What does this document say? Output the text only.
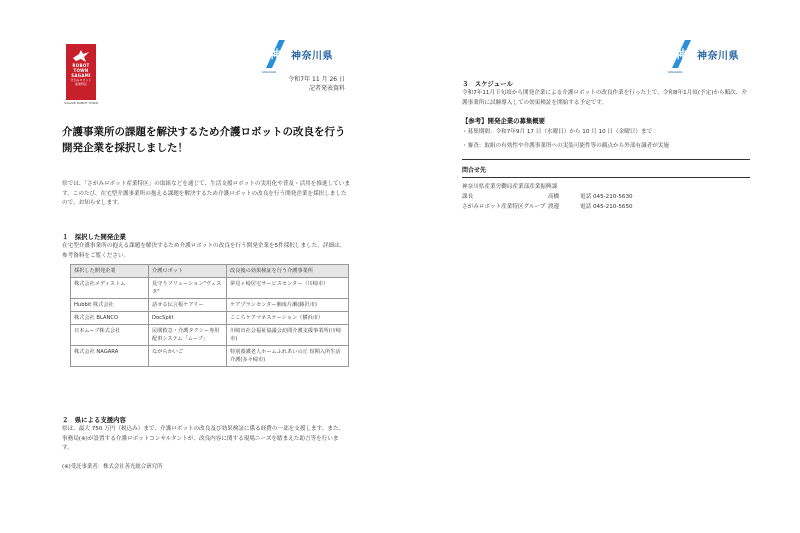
ROBOT
TOWN
SAGAMI
さがみロボット
産業特区
SAGAMI ROBOT TOWN
神 神奈川県
KANAGAWA
令和7年 11 月 26 日
記者発表資料
介護事業所の課題を解決するため介護ロボットの改良を行う開発企業を採択しました！
県では、「さがみロボット産業特区」の取組などを通じて、生活支援ロボットの実用化や普及・活用を推進しています。このたび、在宅型介護事業所の抱える課題を解決するため介護ロボットの改良を行う開発企業を採択しましたので、お知らせします。
１　採択した開発企業
在宅型介護事業所の抱える課題を解決するため介護ロボットの改良を行う開発企業を5件採択しました。詳細は、参考資料をご覧ください。
採択した開発企業	介護ロボット	改良後の効果検証を行う介護事業所
株式会社メディストム	見守りソリューション"ヴェスタ"	夢見ヶ崎居宅サービスセンター（川崎市）
Hubbit 株式会社	話せる伝言板ケアリー	ケアプランセンター湘南片瀬(藤沢市)
株式会社 BLANCO	DocSplit	こころケアマネステーション（横浜市）
日本ムーブ株式会社	民間救急・介護タクシー専用配車システム「ムーブ」	川崎市社会福祉協議会訪問介護支援事業所(川崎市)
株式会社 NAGARA	ながらかいご	特別養護老人ホームふれあいの丘 短期入所生活介護(多々崎市)
２　県による支援内容
県は、最大 750 万円（税込み）まで、介護ロボットの改良及び効果検証に係る経費の一部を支援します。また、事務局(※)が設置する介護ロボットコンサルタントが、改良内容に関する現場ニーズを踏まえた助言等を行います。
(※)受託事業者：株式会社善光総合研究所
神 神奈川県
KANAGAWA
３　スケジュール
令和7年11月下旬頃から開発企業による介護ロボットの改良作業を行った上で、令和8年1月頃(予定)から順次、介護事業所に試験導入しての効果検証を開始する予定です。
【参考】開発企業の募集概要
・募集期間：令和7年9月 17 日（水曜日）から 10 月 10 日（金曜日）まで
・審査：取組の有効性や介護事業所への実装可能性等の観点から外部有識者が実施
問合せ先
神奈川県産業労働局産業部産業振興課
課長	高橋	電話 045-210-5630
さがみロボット産業特区グループ 渡邊	電話 045-210-5650
